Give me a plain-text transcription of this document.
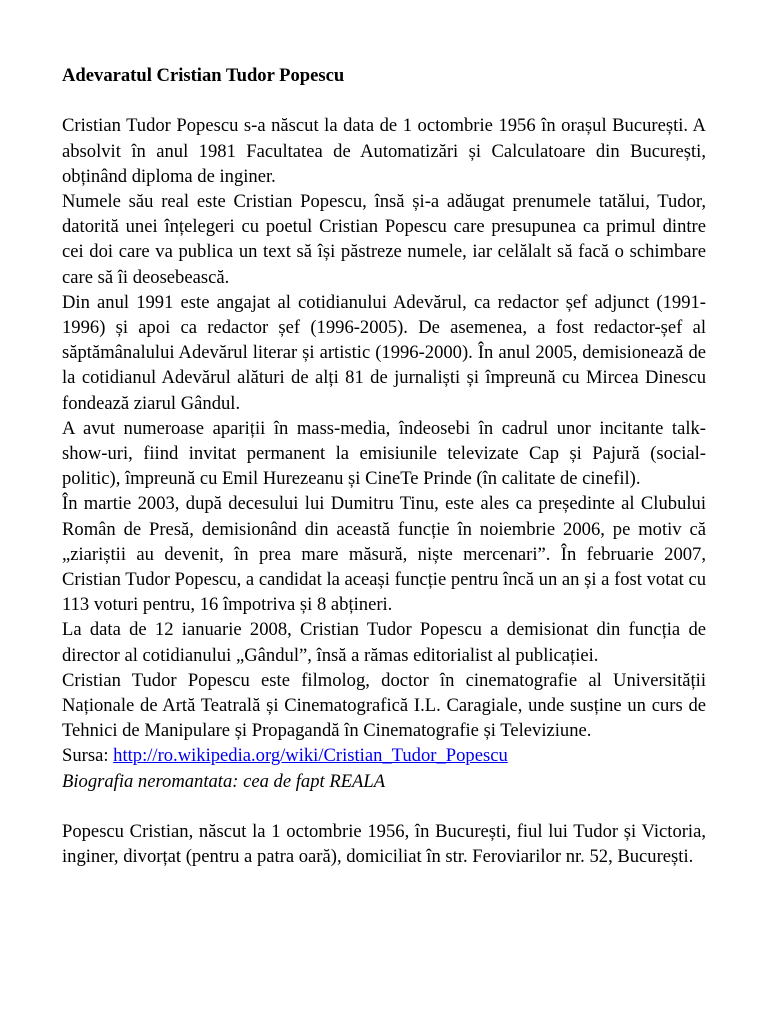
Adevaratul Cristian Tudor Popescu

Cristian Tudor Popescu s-a născut la data de 1 octombrie 1956 în orașul București. A absolvit în anul 1981 Facultatea de Automatizări și Calculatoare din București, obținând diploma de inginer.

Numele său real este Cristian Popescu, însă și-a adăugat prenumele tatălui, Tudor, datorită unei înțelegeri cu poetul Cristian Popescu care presupunea ca primul dintre cei doi care va publica un text să își păstreze numele, iar celălalt să facă o schimbare care să îi deosebească.

Din anul 1991 este angajat al cotidianului Adevărul, ca redactor șef adjunct (1991-1996) și apoi ca redactor șef (1996-2005). De asemenea, a fost redactor-șef al săptămânalului Adevărul literar și artistic (1996-2000). În anul 2005, demisionează de la cotidianul Adevărul alături de alți 81 de jurnaliști și împreună cu Mircea Dinescu fondează ziarul Gândul.

A avut numeroase apariții în mass-media, îndeosebi în cadrul unor incitante talk-show-uri, fiind invitat permanent la emisiunile televizate Cap și Pajură (social-politic), împreună cu Emil Hurezeanu și CineTe Prinde (în calitate de cinefil).

În martie 2003, după decesului lui Dumitru Tinu, este ales ca președinte al Clubului Român de Presă, demisionând din această funcție în noiembrie 2006, pe motiv că „ziariștii au devenit, în prea mare măsură, niște mercenari”. În februarie 2007, Cristian Tudor Popescu, a candidat la aceași funcție pentru încă un an și a fost votat cu 113 voturi pentru, 16 împotriva și 8 abțineri.

La data de 12 ianuarie 2008, Cristian Tudor Popescu a demisionat din funcția de director al cotidianului „Gândul”, însă a rămas editorialist al publicației.

Cristian Tudor Popescu este filmolog, doctor în cinematografie al Universității Naționale de Artă Teatrală și Cinematografică I.L. Caragiale, unde susține un curs de Tehnici de Manipulare și Propagandă în Cinematografie și Televiziune.

Sursa: http://ro.wikipedia.org/wiki/Cristian_Tudor_Popescu

Biografia neromantata: cea de fapt REALA

Popescu Cristian, născut la 1 octombrie 1956, în București, fiul lui Tudor și Victoria, inginer, divorțat (pentru a patra oară), domiciliat în str. Feroviarilor nr. 52, București.
